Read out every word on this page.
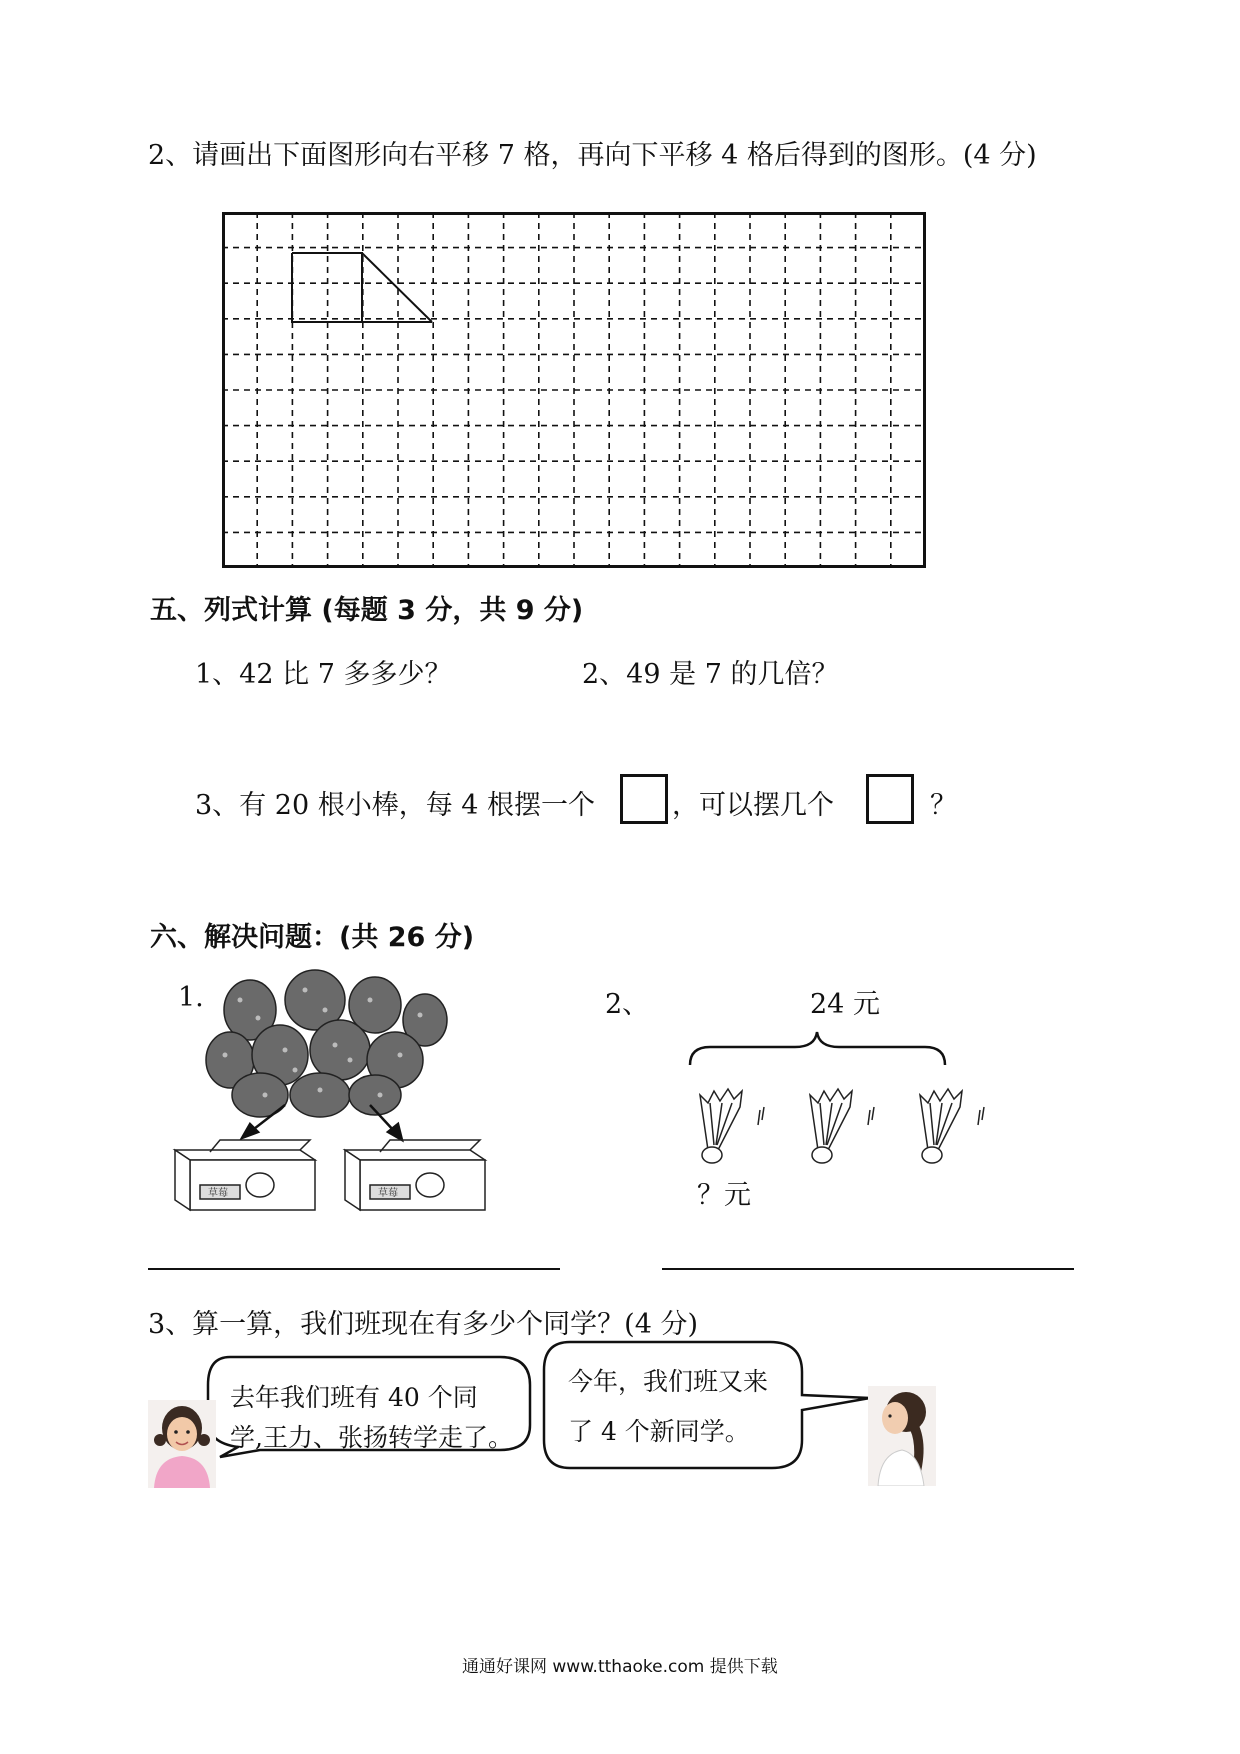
2、请画出下面图形向右平移 7 格，再向下平移 4 格后得到的图形。(4 分)
五、列式计算 (每题 3 分，共 9 分)
1、42 比 7 多多少？	2、49 是 7 的几倍？
3、有 20 根小棒，每 4 根摆一个	，可以摆几个	？
六、解决问题：(共 26 分)
1.
草莓	草莓
2、	24 元
？元
3、算一算，我们班现在有多少个同学？(4 分)
去年我们班有 40 个同
学,王力、张扬转学走了。
今年，我们班又来
了 4 个新同学。
通通好课网 www.tthaoke.com 提供下载
